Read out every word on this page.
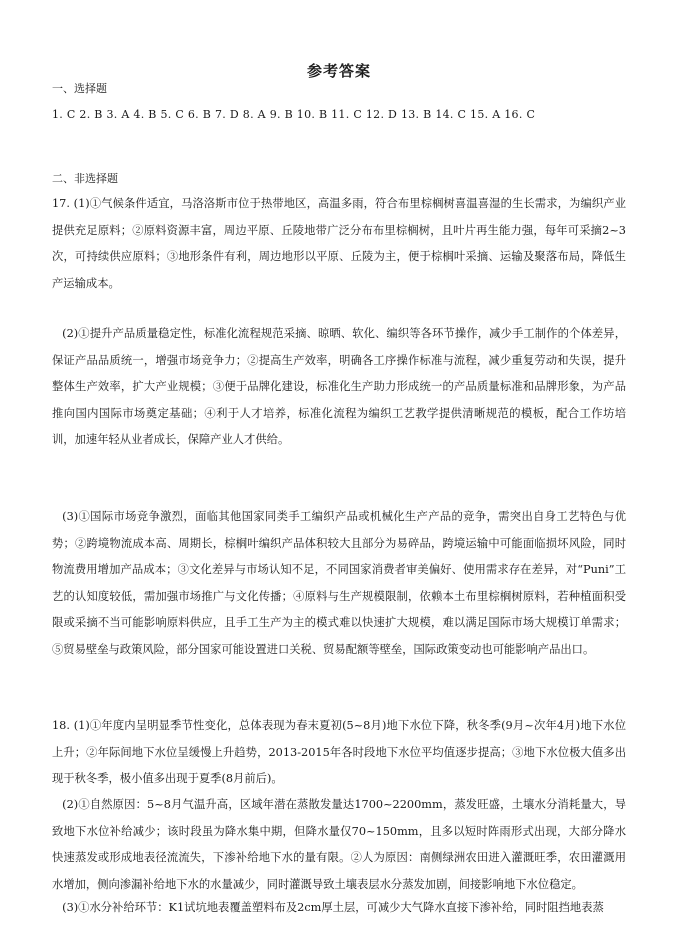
参考答案
一、选择题
1. C 2. B 3. A 4. B 5. C 6. B 7. D 8. A 9. B 10. B 11. C 12. D 13. B 14. C 15. A 16. C
二、非选择题
17. (1)①气候条件适宜，马洛洛斯市位于热带地区，高温多雨，符合布里棕榈树喜温喜湿的生长需求，为编织产业提供充足原料；②原料资源丰富，周边平原、丘陵地带广泛分布布里棕榈树，且叶片再生能力强，每年可采摘2~3次，可持续供应原料；③地形条件有利，周边地形以平原、丘陵为主，便于棕榈叶采摘、运输及聚落布局，降低生产运输成本。
(2)①提升产品质量稳定性，标准化流程规范采摘、晾晒、软化、编织等各环节操作，减少手工制作的个体差异，保证产品品质统一，增强市场竞争力；②提高生产效率，明确各工序操作标准与流程，减少重复劳动和失误，提升整体生产效率，扩大产业规模；③便于品牌化建设，标准化生产助力形成统一的产品质量标准和品牌形象，为产品推向国内国际市场奠定基础；④利于人才培养，标准化流程为编织工艺教学提供清晰规范的模板，配合工作坊培训，加速年轻从业者成长，保障产业人才供给。
(3)①国际市场竞争激烈，面临其他国家同类手工编织产品或机械化生产产品的竞争，需突出自身工艺特色与优势；②跨境物流成本高、周期长，棕榈叶编织产品体积较大且部分为易碎品，跨境运输中可能面临损坏风险，同时物流费用增加产品成本；③文化差异与市场认知不足，不同国家消费者审美偏好、使用需求存在差异，对“Puni”工艺的认知度较低，需加强市场推广与文化传播；④原料与生产规模限制，依赖本土布里棕榈树原料，若种植面积受限或采摘不当可能影响原料供应，且手工生产为主的模式难以快速扩大规模，难以满足国际市场大规模订单需求；⑤贸易壁垒与政策风险，部分国家可能设置进口关税、贸易配额等壁垒，国际政策变动也可能影响产品出口。
18. (1)①年度内呈明显季节性变化，总体表现为春末夏初(5~8月)地下水位下降，秋冬季(9月~次年4月)地下水位上升；②年际间地下水位呈缓慢上升趋势，2013-2015年各时段地下水位平均值逐步提高；③地下水位极大值多出现于秋冬季，极小值多出现于夏季(8月前后)。
(2)①自然原因：5~8月气温升高，区域年潜在蒸散发量达1700~2200mm，蒸发旺盛，土壤水分消耗量大，导致地下水位补给减少；该时段虽为降水集中期，但降水量仅70~150mm，且多以短时阵雨形式出现，大部分降水快速蒸发或形成地表径流流失，下渗补给地下水的量有限。②人为原因：南侧绿洲农田进入灌溉旺季，农田灌溉用水增加，侧向渗漏补给地下水的水量减少，同时灌溉导致土壤表层水分蒸发加剧，间接影响地下水位稳定。
(3)①水分补给环节：K1试坑地表覆盖塑料布及2cm厚土层，可减少大气降水直接下渗补给，同时阻挡地表蒸
